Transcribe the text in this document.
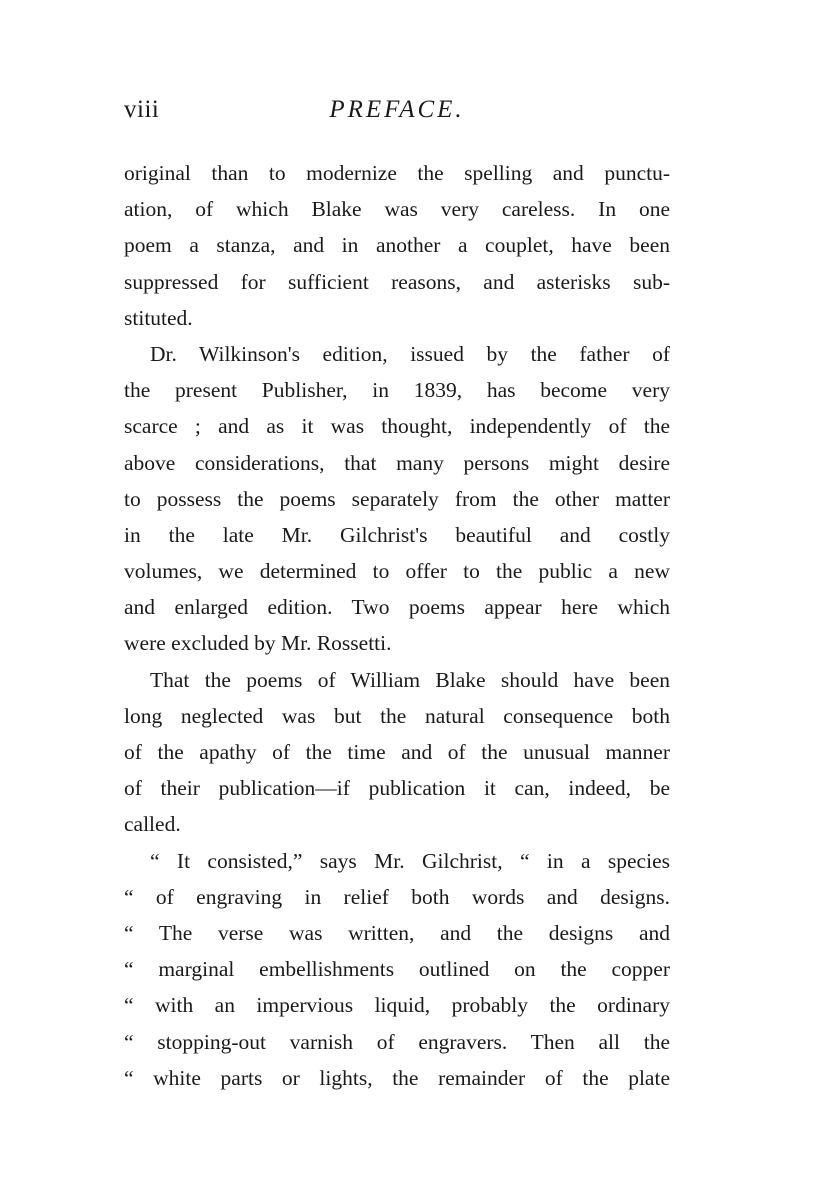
viii	PREFACE.
original than to modernize the spelling and punctu-
ation, of which Blake was very careless. In one
poem a stanza, and in another a couplet, have been
suppressed for sufficient reasons, and asterisks sub-
stituted.
Dr. Wilkinson's edition, issued by the father of
the present Publisher, in 1839, has become very
scarce ; and as it was thought, independently of the
above considerations, that many persons might desire
to possess the poems separately from the other matter
in the late Mr. Gilchrist's beautiful and costly
volumes, we determined to offer to the public a new
and enlarged edition. Two poems appear here which
were excluded by Mr. Rossetti.
That the poems of William Blake should have been
long neglected was but the natural consequence both
of the apathy of the time and of the unusual manner
of their publication—if publication it can, indeed, be
called.
“ It consisted,” says Mr. Gilchrist, “ in a species
“ of engraving in relief both words and designs.
“ The verse was written, and the designs and
“ marginal embellishments outlined on the copper
“ with an impervious liquid, probably the ordinary
“ stopping-out varnish of engravers. Then all the
“ white parts or lights, the remainder of the plate
